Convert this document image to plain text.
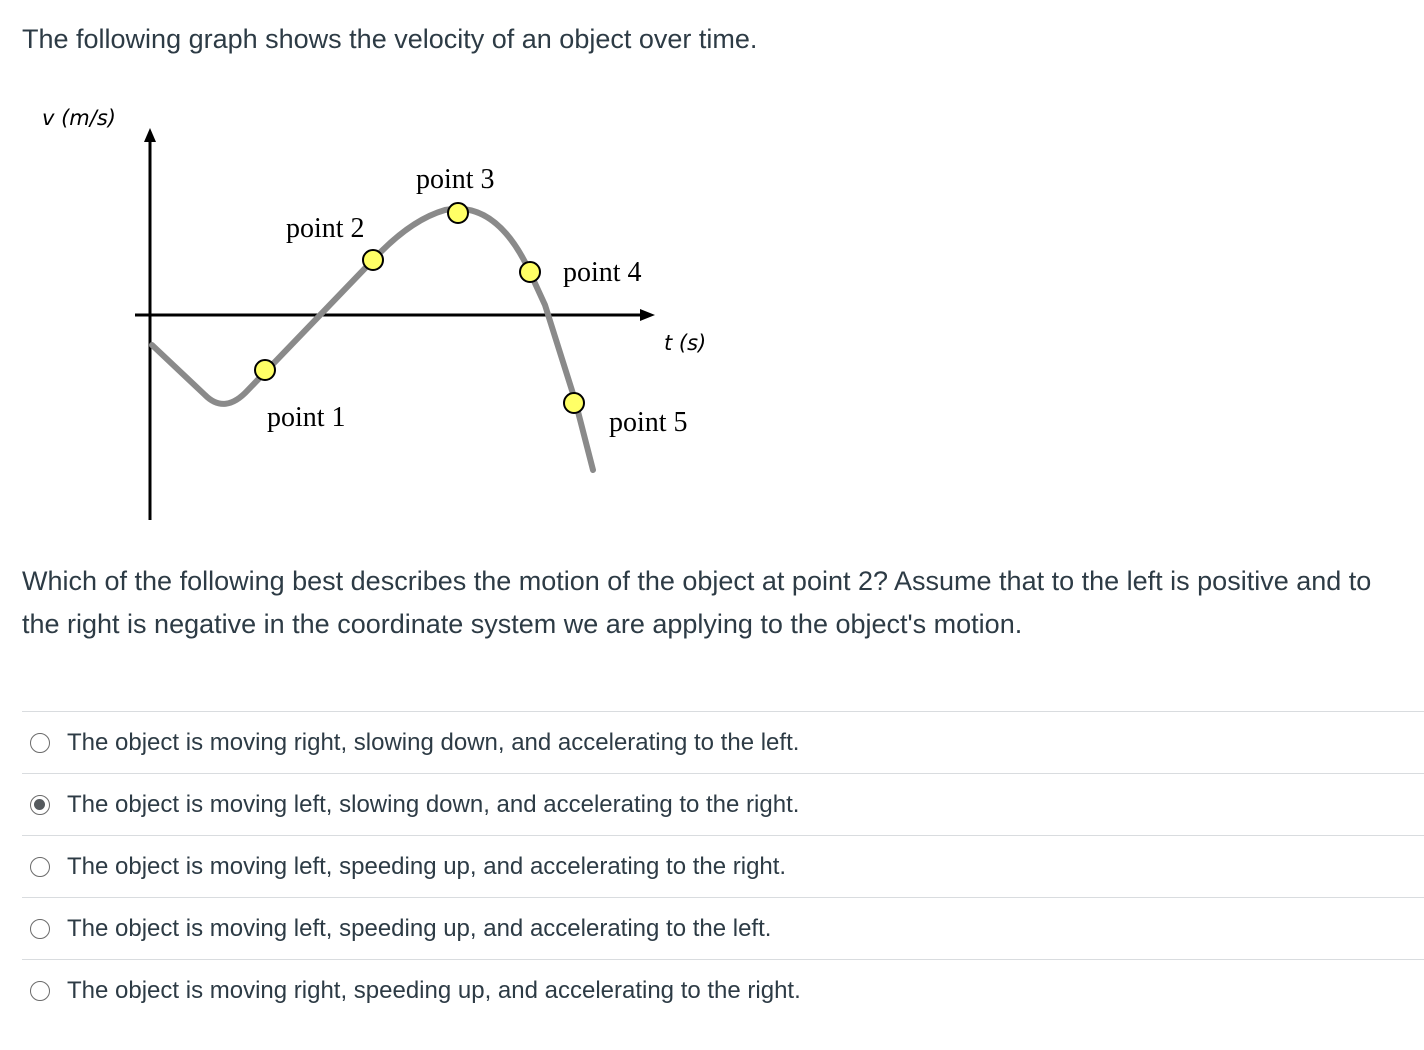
The following graph shows the velocity of an object over time.

v (m/s)
t (s)
point 1
point 2
point 3
point 4
point 5

Which of the following best describes the motion of the object at point 2? Assume that to the left is positive and to the right is negative in the coordinate system we are applying to the object's motion.

The object is moving right, slowing down, and accelerating to the left.
The object is moving left, slowing down, and accelerating to the right.
The object is moving left, speeding up, and accelerating to the right.
The object is moving left, speeding up, and accelerating to the left.
The object is moving right, speeding up, and accelerating to the right.
